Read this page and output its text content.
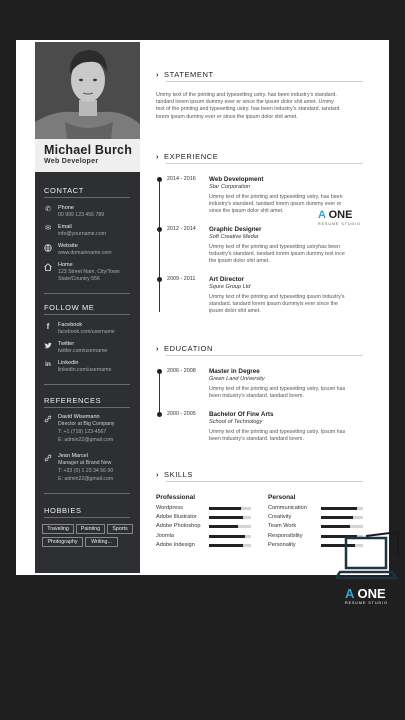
Michael Burch
Web Developer
CONTACT
✆ Phone
00 999 123 456 789
✉ Email
info@yourname.com
Website
www.domainname.com
Home
123 Street Nam, City/Town
State/Country 556
FOLLOW ME
f	Facebook
facebook.com/username
Twitter
twitter.com/username
in Linkedin
linkedin.com/username
REFERENCES
David Wisemann
Director at Big Company
T: +1 (718) 123-4567
E: admin22@gmail.com
Jean Marcel
Manager at Brand New
T: +33 (0) 1 23 34 56 00
E: admin22@gmail.com
HOBBIES
Traveling	Painting	Sports
Photography	Writing...
› STATEMENT
Ummy text of the printing and typesetting ustry. has been industry's standard.
tandard lorem ipsum dummy ever er since the ipsum dolor shit amet. Ummy
text of the printing and typesetting ustry. has been industry's standard. tandard
lorem ipsum dummy ever er since the ipsum dolor shit amet.
› EXPERIENCE
2014 - 2016 Web Development
Star Corporation
Ummy text of the printing and typesetting ustry. has been
industry's standard. tandard lorem ipsum dummy ever or
since the ipsum dolor shit amet.
2012 - 2014 Graphic Designer
Soft Creative Media
Ummy text of the printing and typesetting ustryhas been
tndustry's standard. tandard lorem ipsum dummy text ince
the ipsum dolor shit amet.
2009 - 2011 Art Director
Squre Group Ltd
Ummy text of the printing and typesetting ipsum industry's
standard. tandard lorem ipsum dummyis ever since the
ipsum dolor shit amet.
A ONE
RESUME STUDIO
› EDUCATION
2006 - 2008 Master in Degree
Green Land University
Ummy text of the printing and typesetting ustry. Ipsum has
been tndustry's standard. tandard lorem.
2000 - 2005 Bachelor Of Fine Arts
School of Technology
Ummy text of the printing and typesetting ustry. Ipsum has
been tndustry's standard. tandard lorem.
› SKILLS
Professional	Personal
Wordpress
Adobe Illustrator
Adobe Photoshop
Joomla
Adobe Indesign
Communication
Creativity
Team Work
Responsibility
Personality
A ONE
RESUME STUDIO
